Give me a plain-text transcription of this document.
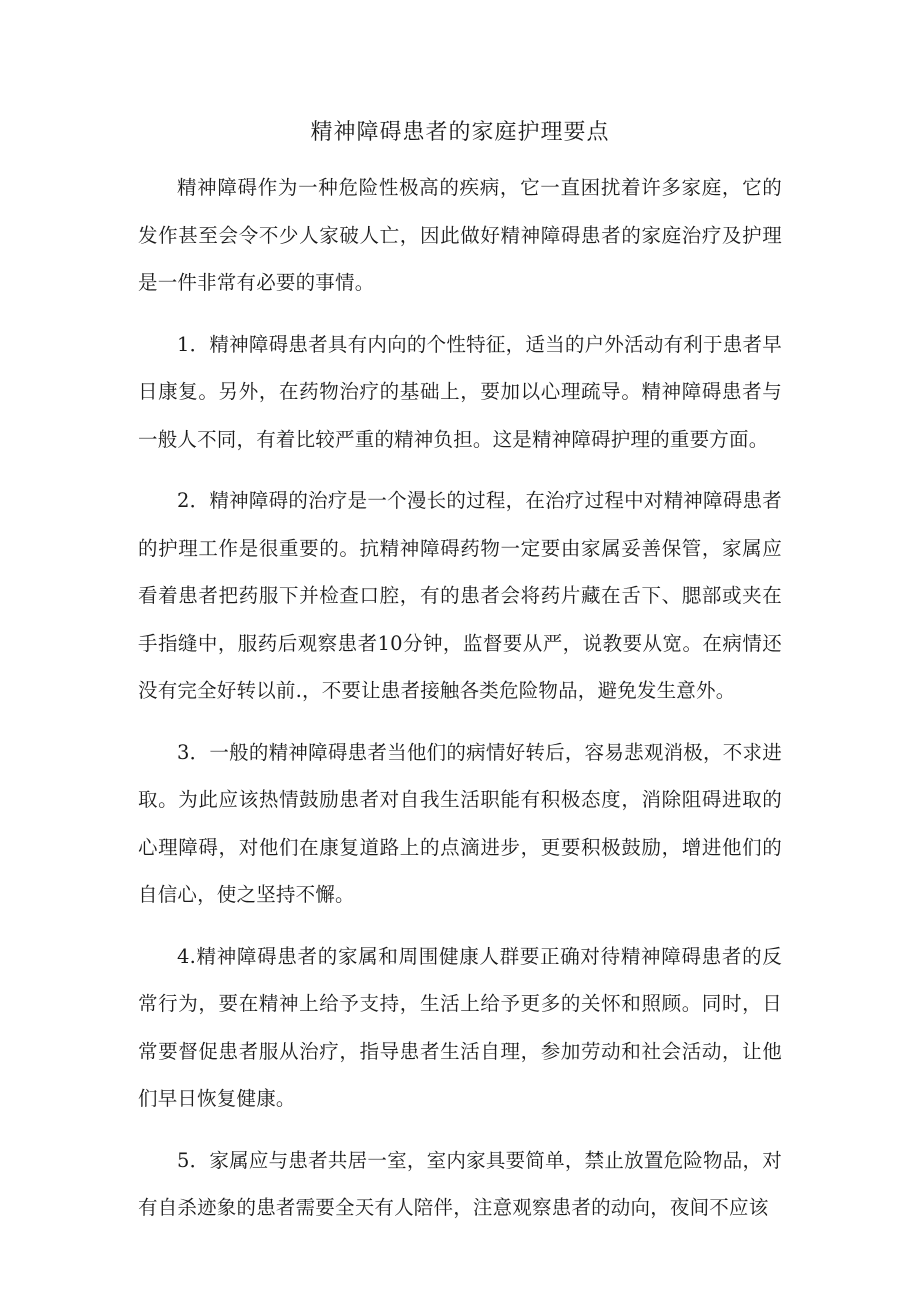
精神障碍患者的家庭护理要点

精神障碍作为一种危险性极高的疾病，它一直困扰着许多家庭，它的发作甚至会令不少人家破人亡，因此做好精神障碍患者的家庭治疗及护理是一件非常有必要的事情。

1．精神障碍患者具有内向的个性特征，适当的户外活动有利于患者早日康复。另外，在药物治疗的基础上，要加以心理疏导。精神障碍患者与一般人不同，有着比较严重的精神负担。这是精神障碍护理的重要方面。

2．精神障碍的治疗是一个漫长的过程，在治疗过程中对精神障碍患者的护理工作是很重要的。抗精神障碍药物一定要由家属妥善保管，家属应看着患者把药服下并检查口腔，有的患者会将药片藏在舌下、腮部或夹在手指缝中，服药后观察患者10分钟，监督要从严，说教要从宽。在病情还没有完全好转以前.，不要让患者接触各类危险物品，避免发生意外。

3．一般的精神障碍患者当他们的病情好转后，容易悲观消极，不求进取。为此应该热情鼓励患者对自我生活职能有积极态度，消除阻碍进取的心理障碍，对他们在康复道路上的点滴进步，更要积极鼓励，增进他们的自信心，使之坚持不懈。

4.精神障碍患者的家属和周围健康人群要正确对待精神障碍患者的反常行为，要在精神上给予支持，生活上给予更多的关怀和照顾。同时，日常要督促患者服从治疗，指导患者生活自理，参加劳动和社会活动，让他们早日恢复健康。

5．家属应与患者共居一室，室内家具要简单，禁止放置危险物品，对有自杀迹象的患者需要全天有人陪伴，注意观察患者的动向，夜间不应该
